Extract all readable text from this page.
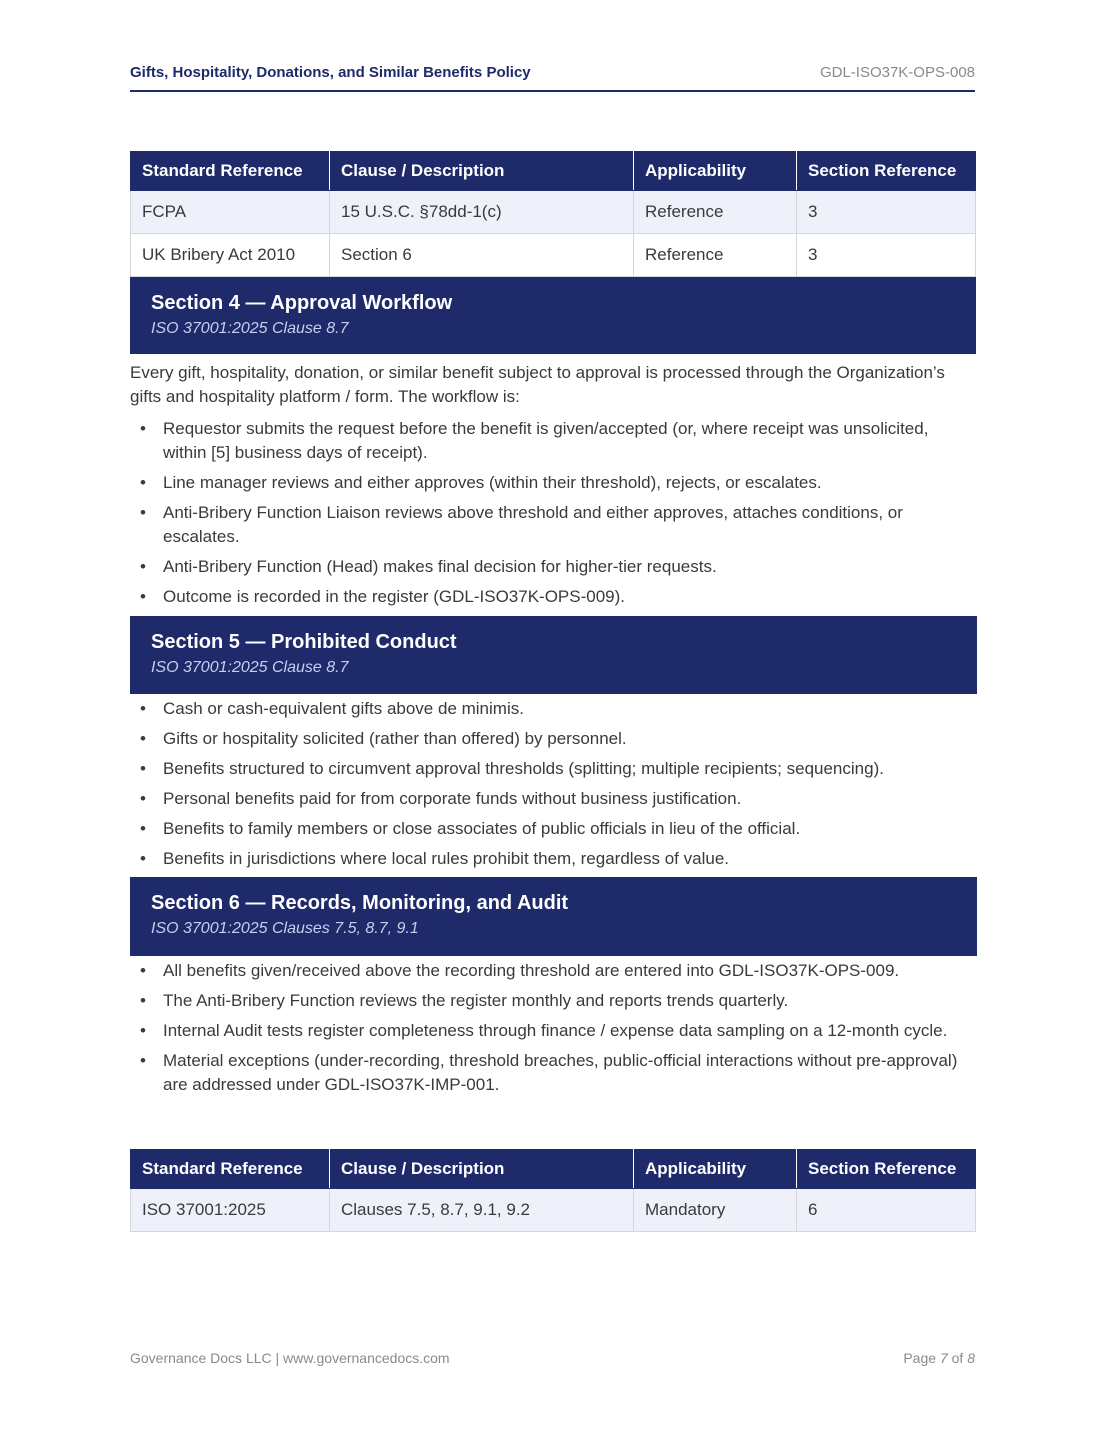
Gifts, Hospitality, Donations, and Similar Benefits Policy	GDL-ISO37K-OPS-008
Standard Reference	Clause / Description	Applicability	Section Reference
FCPA	15 U.S.C. §78dd-1(c)	Reference	3
UK Bribery Act 2010	Section 6	Reference	3
Section 4 — Approval Workflow
ISO 37001:2025 Clause 8.7
Every gift, hospitality, donation, or similar benefit subject to approval is processed through the Organization’s gifts and hospitality platform / form. The workflow is:
• Requestor submits the request before the benefit is given/accepted (or, where receipt was unsolicited, within [5] business days of receipt).
• Line manager reviews and either approves (within their threshold), rejects, or escalates.
• Anti-Bribery Function Liaison reviews above threshold and either approves, attaches conditions, or escalates.
• Anti-Bribery Function (Head) makes final decision for higher-tier requests.
• Outcome is recorded in the register (GDL-ISO37K-OPS-009).
Section 5 — Prohibited Conduct
ISO 37001:2025 Clause 8.7
• Cash or cash-equivalent gifts above de minimis.
• Gifts or hospitality solicited (rather than offered) by personnel.
• Benefits structured to circumvent approval thresholds (splitting; multiple recipients; sequencing).
• Personal benefits paid for from corporate funds without business justification.
• Benefits to family members or close associates of public officials in lieu of the official.
• Benefits in jurisdictions where local rules prohibit them, regardless of value.
Section 6 — Records, Monitoring, and Audit
ISO 37001:2025 Clauses 7.5, 8.7, 9.1
• All benefits given/received above the recording threshold are entered into GDL-ISO37K-OPS-009.
• The Anti-Bribery Function reviews the register monthly and reports trends quarterly.
• Internal Audit tests register completeness through finance / expense data sampling on a 12-month cycle.
• Material exceptions (under-recording, threshold breaches, public-official interactions without pre-approval) are addressed under GDL-ISO37K-IMP-001.
Standard Reference	Clause / Description	Applicability	Section Reference
ISO 37001:2025	Clauses 7.5, 8.7, 9.1, 9.2	Mandatory	6
Governance Docs LLC | www.governancedocs.com	Page 7 of 8
